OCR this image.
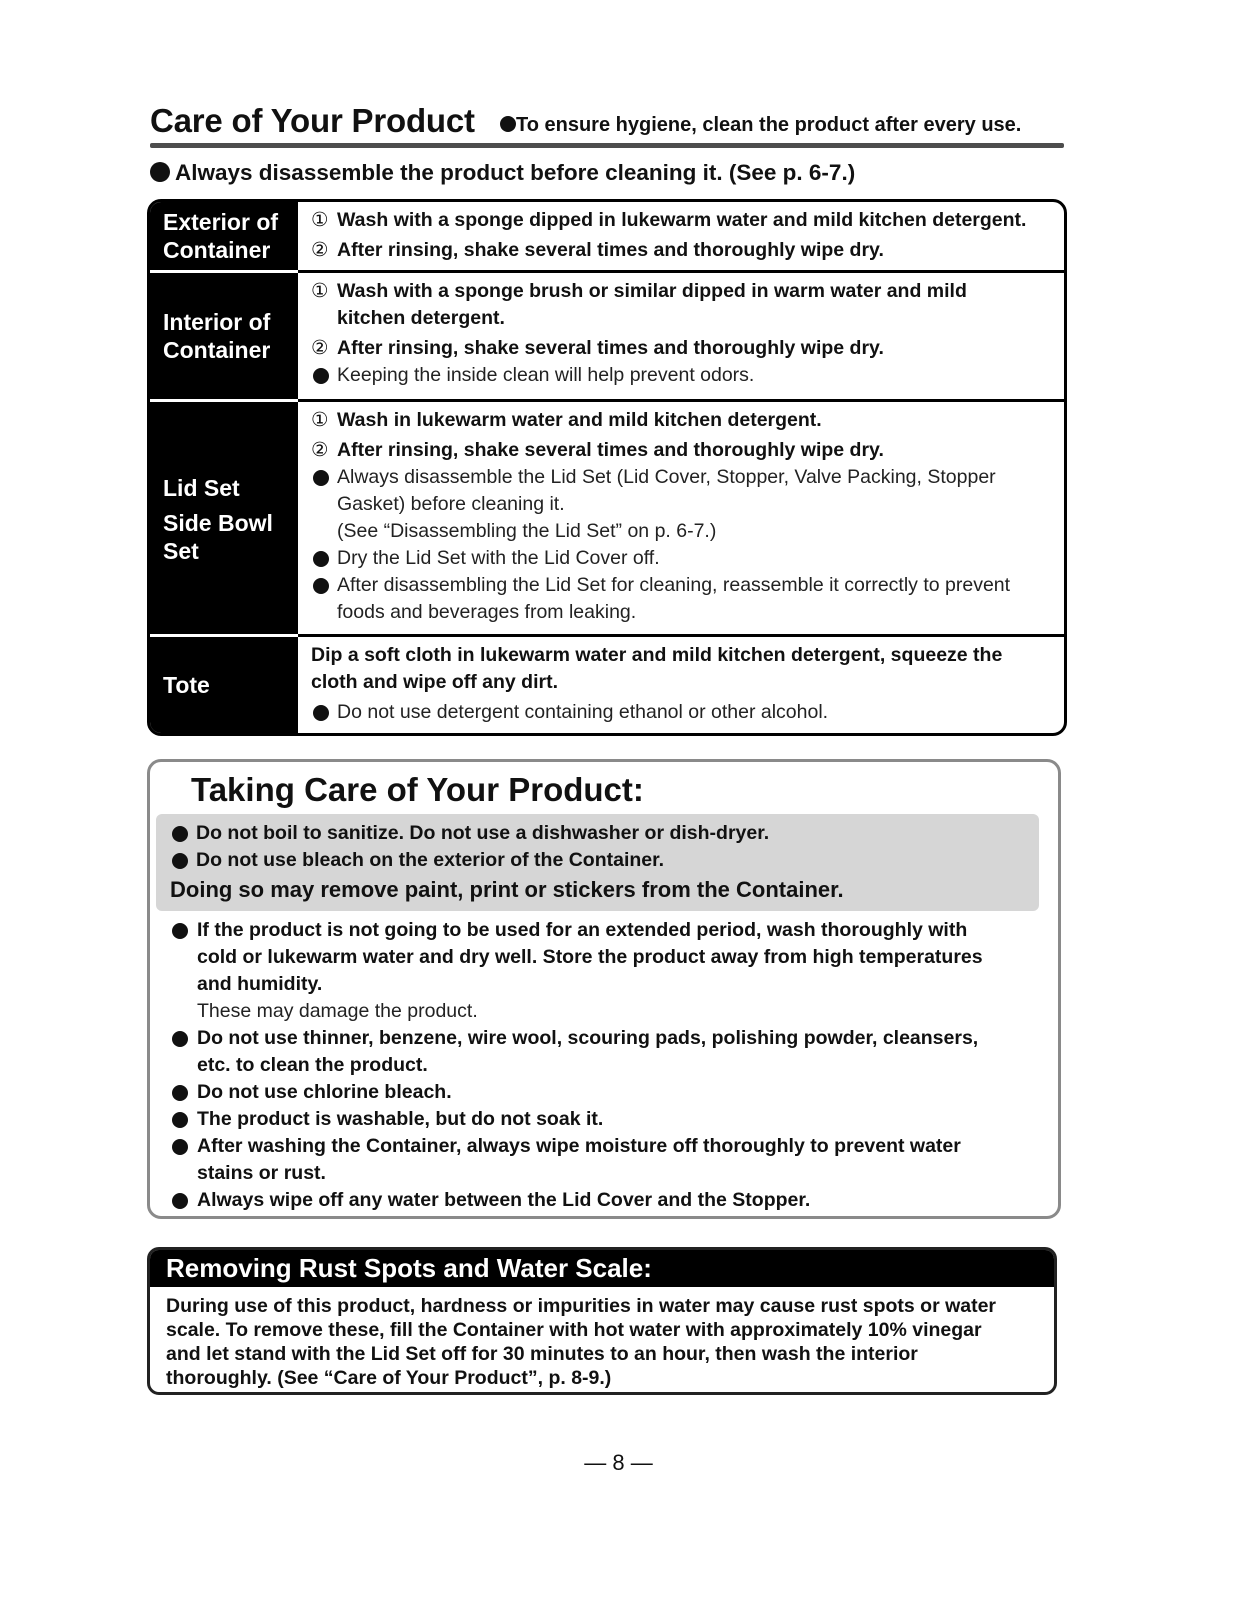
Care of Your Product	To ensure hygiene, clean the product after every use.
Always disassemble the product before cleaning it. (See p. 6-7.)
Exterior of
Container
① Wash with a sponge dipped in lukewarm water and mild kitchen detergent.
② After rinsing, shake several times and thoroughly wipe dry.
Interior of
Container
① Wash with a sponge brush or similar dipped in warm water and mild
kitchen detergent.
② After rinsing, shake several times and thoroughly wipe dry.
Keeping the inside clean will help prevent odors.
Lid Set
Side Bowl
Set
① Wash in lukewarm water and mild kitchen detergent.
② After rinsing, shake several times and thoroughly wipe dry.
Always disassemble the Lid Set (Lid Cover, Stopper, Valve Packing, Stopper
Gasket) before cleaning it.
(See “Disassembling the Lid Set” on p. 6-7.)
Dry the Lid Set with the Lid Cover off.
After disassembling the Lid Set for cleaning, reassemble it correctly to prevent
foods and beverages from leaking.
Tote
Dip a soft cloth in lukewarm water and mild kitchen detergent, squeeze the
cloth and wipe off any dirt.
Do not use detergent containing ethanol or other alcohol.
Taking Care of Your Product:
Do not boil to sanitize. Do not use a dishwasher or dish-dryer.
Do not use bleach on the exterior of the Container.
Doing so may remove paint, print or stickers from the Container.
If the product is not going to be used for an extended period, wash thoroughly with
cold or lukewarm water and dry well. Store the product away from high temperatures
and humidity.
These may damage the product.
Do not use thinner, benzene, wire wool, scouring pads, polishing powder, cleansers,
etc. to clean the product.
Do not use chlorine bleach.
The product is washable, but do not soak it.
After washing the Container, always wipe moisture off thoroughly to prevent water
stains or rust.
Always wipe off any water between the Lid Cover and the Stopper.
Removing Rust Spots and Water Scale:
During use of this product, hardness or impurities in water may cause rust spots or water
scale. To remove these, fill the Container with hot water with approximately 10% vinegar
and let stand with the Lid Set off for 30 minutes to an hour, then wash the interior
thoroughly. (See “Care of Your Product”, p. 8-9.)
— 8 —
